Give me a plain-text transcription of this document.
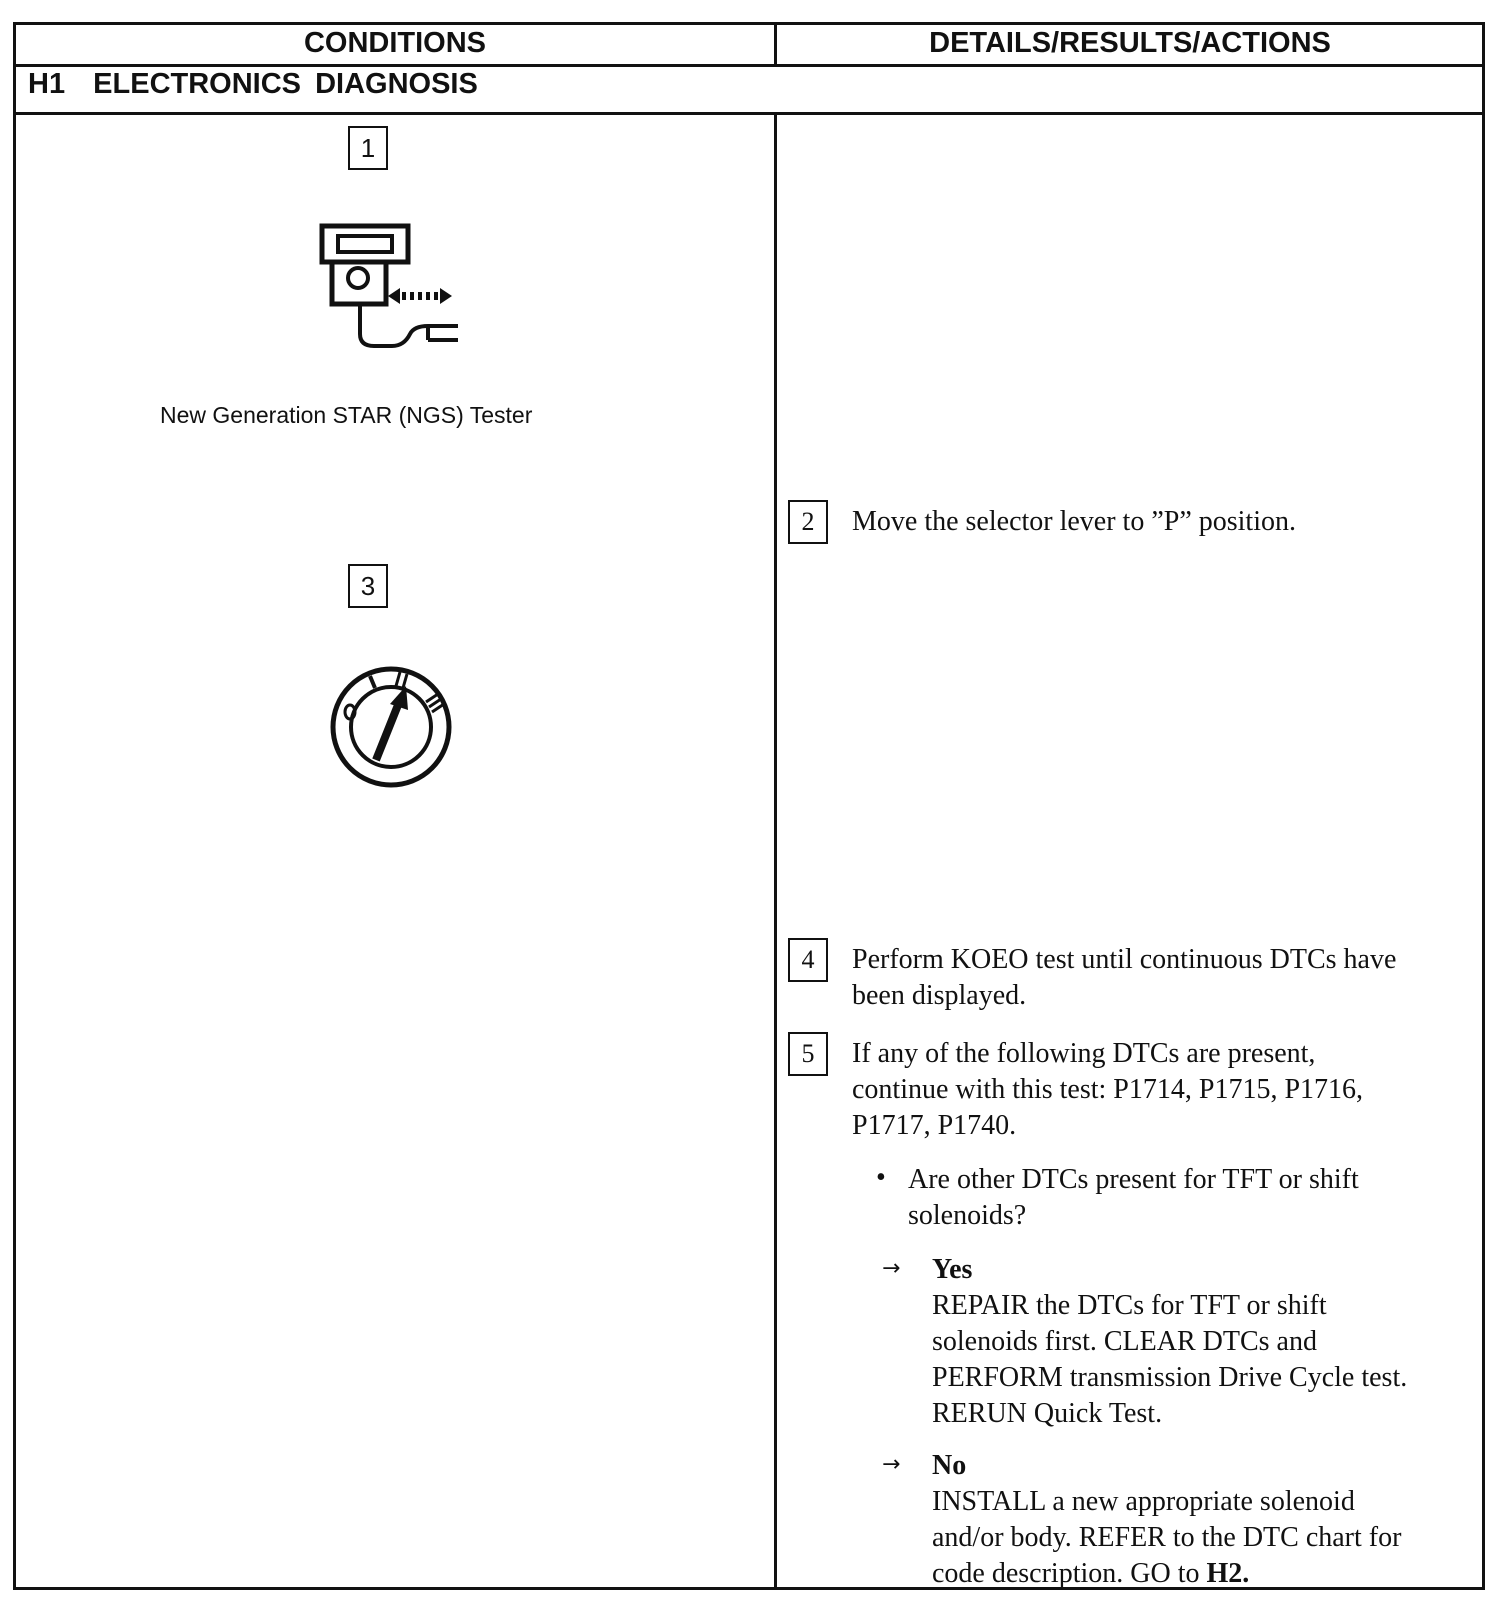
CONDITIONS	DETAILS/RESULTS/ACTIONS
H1  ELECTRONICS DIAGNOSIS
1
New Generation STAR (NGS) Tester
3
2	Move the selector lever to ”P” position.
4	Perform KOEO test until continuous DTCs have
been displayed.
5	If any of the following DTCs are present,
continue with this test: P1714, P1715, P1716,
P1717, P1740.
• Are other DTCs present for TFT or shift
solenoids?
→ Yes
REPAIR the DTCs for TFT or shift
solenoids first. CLEAR DTCs and
PERFORM transmission Drive Cycle test.
RERUN Quick Test.
→ No
INSTALL a new appropriate solenoid
and/or body. REFER to the DTC chart for
code description. GO to H2.
